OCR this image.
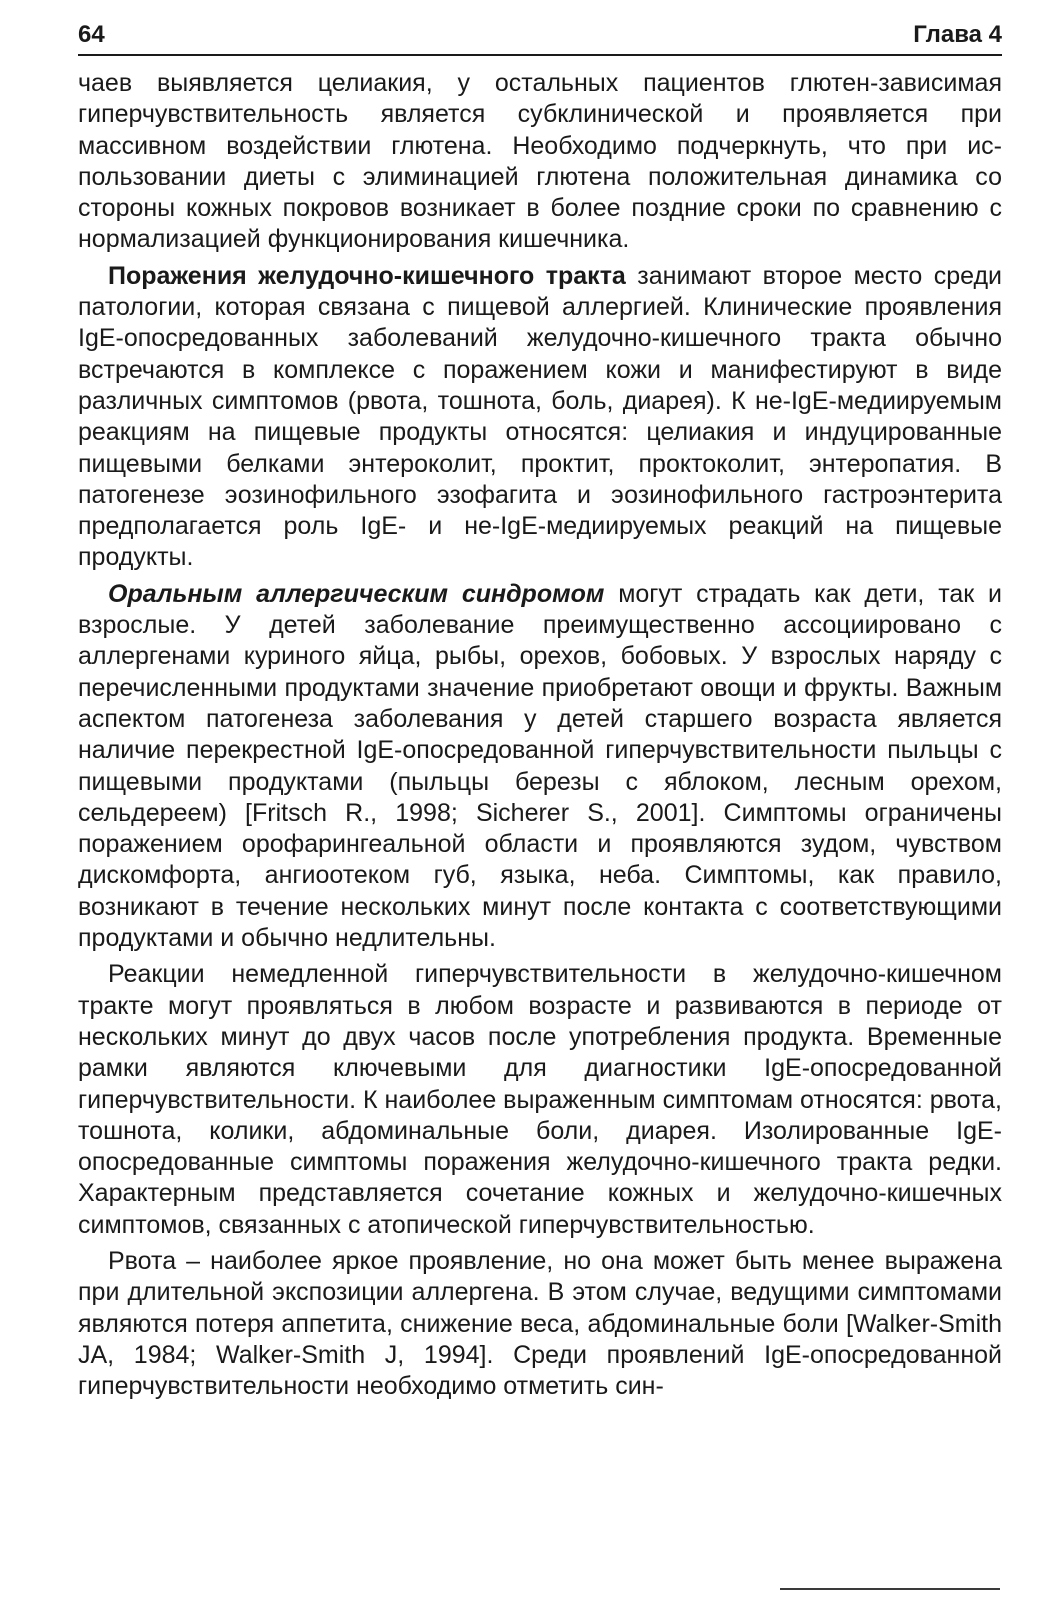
64	Глава 4

чаев выявляется целиакия, у остальных пациентов глютен-зависимая гиперчувствительность является субклинической и проявляется при массивном воздействии глютена. Необходимо подчеркнуть, что при использовании диеты с элиминацией глютена положительная динамика со стороны кожных покровов возникает в более поздние сроки по сравнению с нормализацией функционирования кишечника.

Поражения желудочно-кишечного тракта занимают второе место среди патологии, которая связана с пищевой аллергией. Клинические проявления IgE-опосредованных заболеваний желудочно-кишечного тракта обычно встречаются в комплексе с поражением кожи и манифестируют в виде различных симптомов (рвота, тошнота, боль, диарея). К не-IgE-медиируемым реакциям на пищевые продукты относятся: целиакия и индуцированные пищевыми белками энтероколит, проктит, проктоколит, энтеропатия. В патогенезе эозинофильного эзофагита и эозинофильного гастроэнтерита предполагается роль IgE- и не-IgE-медиируемых реакций на пищевые продукты.

Оральным аллергическим синдромом могут страдать как дети, так и взрослые. У детей заболевание преимущественно ассоциировано с аллергенами куриного яйца, рыбы, орехов, бобовых. У взрослых наряду с перечисленными продуктами значение приобретают овощи и фрукты. Важным аспектом патогенеза заболевания у детей старшего возраста является наличие перекрестной IgE-опосредованной гиперчувствительности пыльцы с пищевыми продуктами (пыльцы березы с яблоком, лесным орехом, сельдереем) [Fritsch R., 1998; Sicherer S., 2001]. Симптомы ограничены поражением орофарингеальной области и проявляются зудом, чувством дискомфорта, ангиоотеком губ, языка, неба. Симптомы, как правило, возникают в течение нескольких минут после контакта с соответствующими продуктами и обычно недлительны.

Реакции немедленной гиперчувствительности в желудочно-кишечном тракте могут проявляться в любом возрасте и развиваются в периоде от нескольких минут до двух часов после употребления продукта. Временные рамки являются ключевыми для диагностики IgE-опосредованной гиперчувствительности. К наиболее выраженным симптомам относятся: рвота, тошнота, колики, абдоминальные боли, диарея. Изолированные IgE-опосредованные симптомы поражения желудочно-кишечного тракта редки. Характерным представляется сочетание кожных и желудочно-кишечных симптомов, связанных с атопической гиперчувствительностью.

Рвота – наиболее яркое проявление, но она может быть менее выражена при длительной экспозиции аллергена. В этом случае, ведущими симптомами являются потеря аппетита, снижение веса, абдоминальные боли [Walker-Smith JA, 1984; Walker-Smith J, 1994]. Среди проявлений IgE-опосредованной гиперчувствительности необходимо отметить син-
